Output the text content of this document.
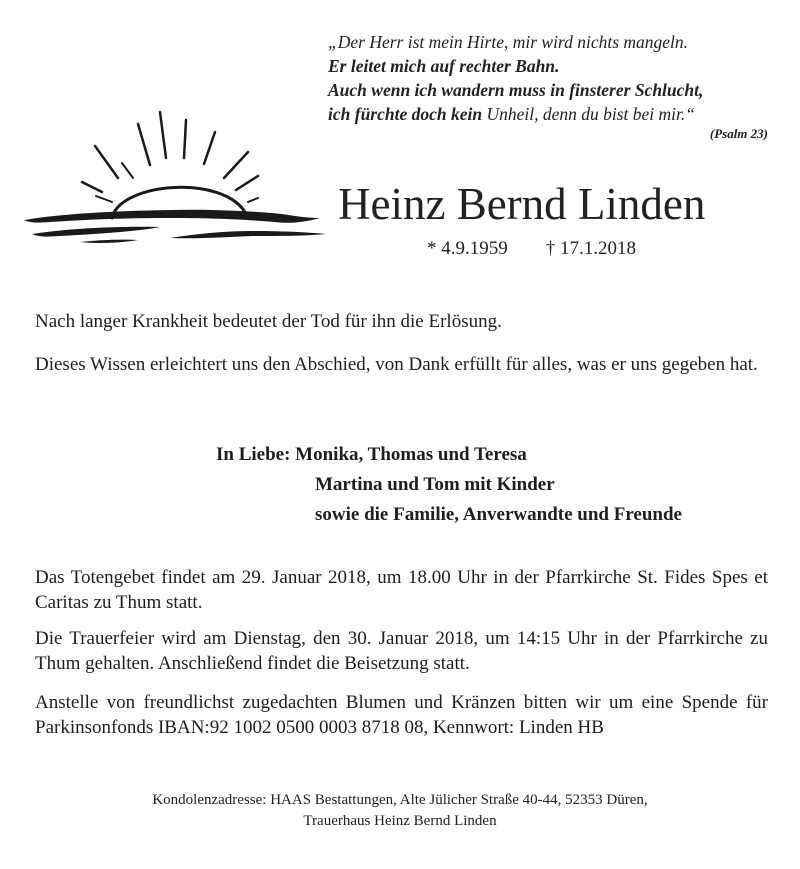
„Der Herr ist mein Hirte, mir wird nichts mangeln.
Er leitet mich auf rechter Bahn.
Auch wenn ich wandern muss in finsterer Schlucht,
ich fürchte doch kein Unheil, denn du bist bei mir.“
(Psalm 23)
Heinz Bernd Linden
* 4.9.1959 † 17.1.2018
Nach langer Krankheit bedeutet der Tod für ihn die Erlösung.
Dieses Wissen erleichtert uns den Abschied, von Dank erfüllt für alles, was er uns gegeben hat.
In Liebe: Monika, Thomas und Teresa
Martina und Tom mit Kinder
sowie die Familie, Anverwandte und Freunde
Das Totengebet findet am 29. Januar 2018, um 18.00 Uhr in der Pfarrkirche St. Fides Spes et Caritas zu Thum statt.
Die Trauerfeier wird am Dienstag, den 30. Januar 2018, um 14:15 Uhr in der Pfarrkirche zu Thum gehalten. Anschließend findet die Beisetzung statt.
Anstelle von freundlichst zugedachten Blumen und Kränzen bitten wir um eine Spende für Parkinsonfonds IBAN:92 1002 0500 0003 8718 08, Kennwort: Linden HB
Kondolenzadresse: HAAS Bestattungen, Alte Jülicher Straße 40-44, 52353 Düren,
Trauerhaus Heinz Bernd Linden
